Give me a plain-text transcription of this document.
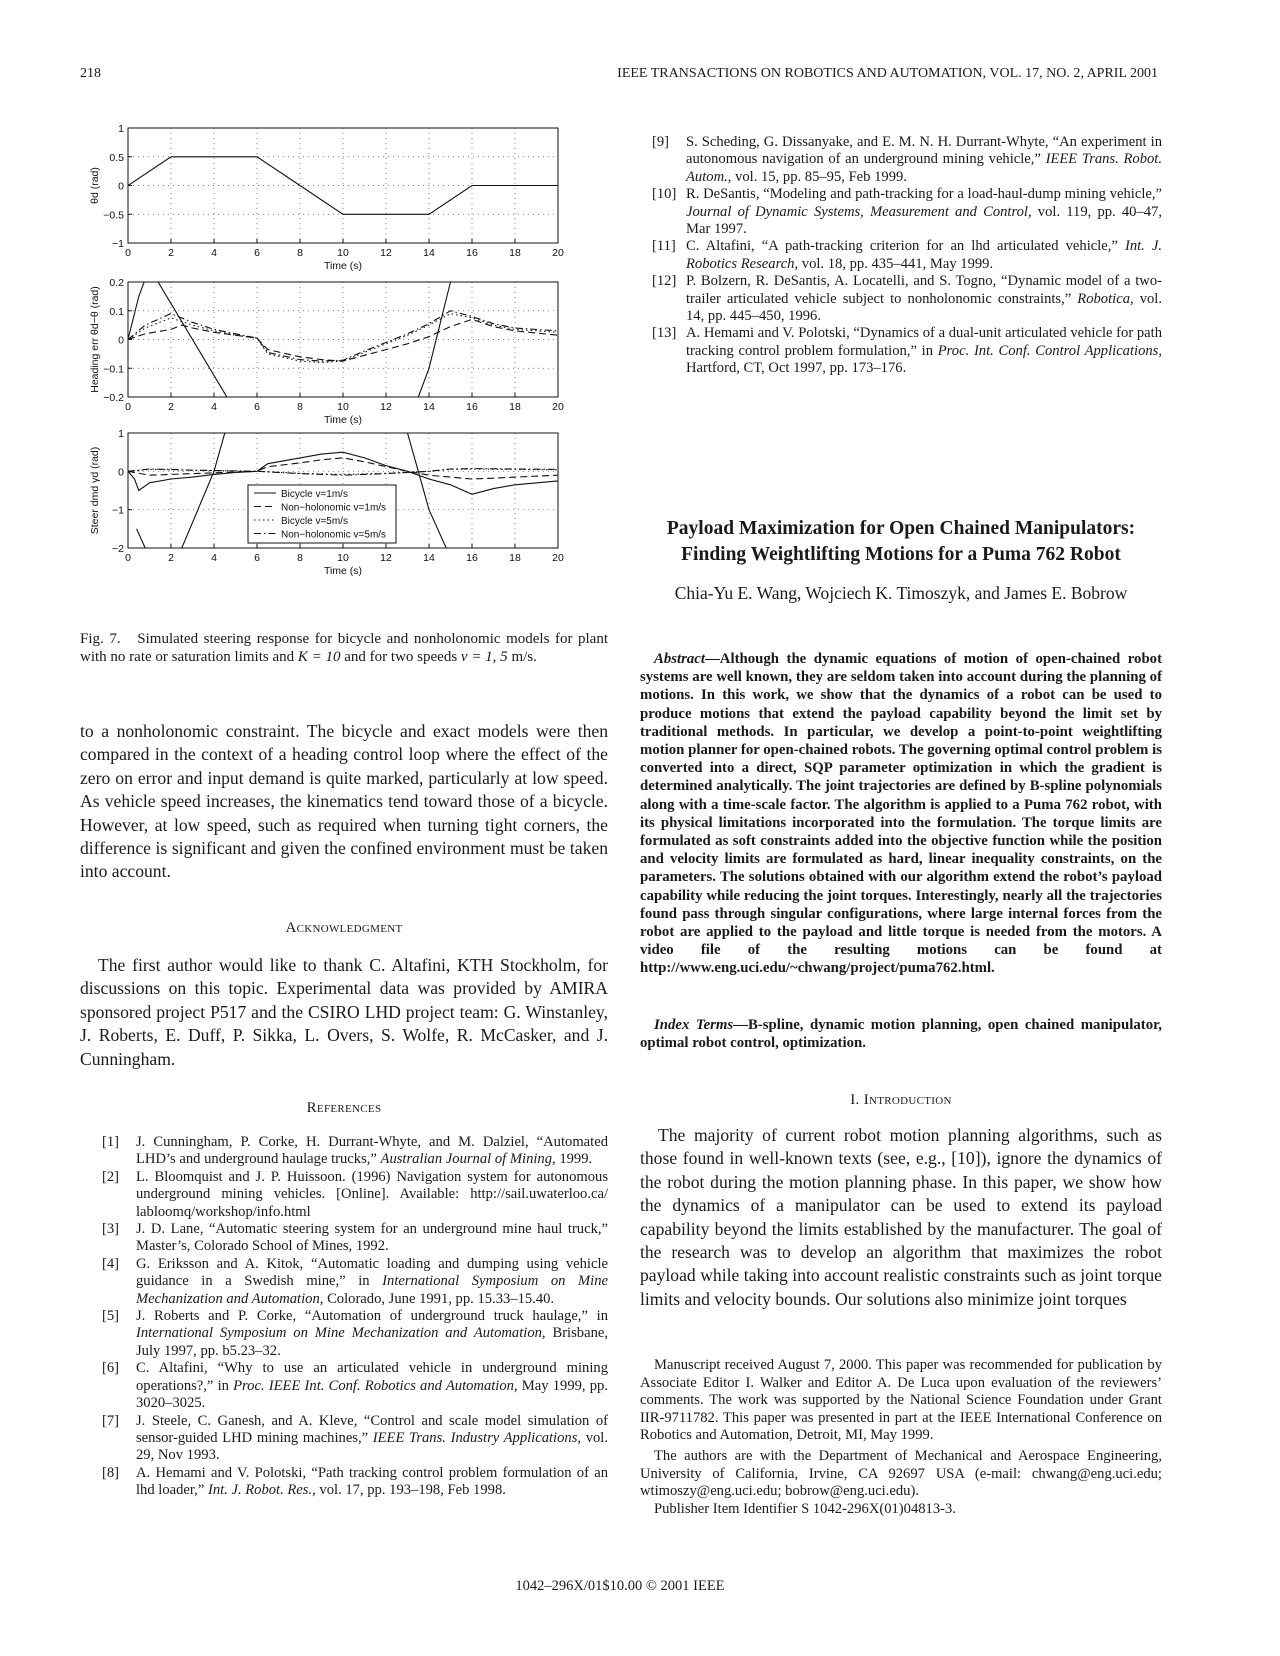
218	IEEE TRANSACTIONS ON ROBOTICS AND AUTOMATION, VOL. 17, NO. 2, APRIL 2001
0	2	4	6	8	10	12	14	16	18	20
1
0.5
0
−0.5
−1
Time (s)
θd (rad)
0	2	4	6	8	10	12	14	16	18	20
0.2
0.1
0
−0.1
−0.2
Time (s)
Heading err θd−θ (rad)
0	2	4	6	8	10	12	14	16	18	20
1
0
−1
−2
Time (s)
Steer dmd γd (rad)	Bicycle v=1m/s
Non−holonomic v=1m/s
Bicycle v=5m/s
Non−holonomic v=5m/s
Fig. 7. Simulated steering response for bicycle and nonholonomic models for plant with no rate or saturation limits and K = 10 and for two speeds v = 1, 5 m/s.
to a nonholonomic constraint. The bicycle and exact models were then compared in the context of a heading control loop where the effect of the zero on error and input demand is quite marked, particularly at low speed. As vehicle speed increases, the kinematics tend toward those of a bicycle. However, at low speed, such as required when turning tight corners, the difference is significant and given the confined environment must be taken into account.
Acknowledgment
The first author would like to thank C. Altafini, KTH Stockholm, for discussions on this topic. Experimental data was provided by AMIRA sponsored project P517 and the CSIRO LHD project team: G. Winstanley, J. Roberts, E. Duff, P. Sikka, L. Overs, S. Wolfe, R. McCasker, and J. Cunningham.
References
[1] J. Cunningham, P. Corke, H. Durrant-Whyte, and M. Dalziel, “Automated LHD’s and underground haulage trucks,” Australian Journal of Mining, 1999.
[2] L. Bloomquist and J. P. Huissoon. (1996) Navigation system for autonomous underground mining vehicles. [Online]. Available: http://sail.uwaterloo.ca/ labloomq/workshop/info.html
[3] J. D. Lane, “Automatic steering system for an underground mine haul truck,” Master’s, Colorado School of Mines, 1992.
[4] G. Eriksson and A. Kitok, “Automatic loading and dumping using vehicle guidance in a Swedish mine,” in International Symposium on Mine Mechanization and Automation, Colorado, June 1991, pp. 15.33–15.40.
[5] J. Roberts and P. Corke, “Automation of underground truck haulage,” in International Symposium on Mine Mechanization and Automation, Brisbane, July 1997, pp. b5.23–32.
[6] C. Altafini, “Why to use an articulated vehicle in underground mining operations?,” in Proc. IEEE Int. Conf. Robotics and Automation, May 1999, pp. 3020–3025.
[7] J. Steele, C. Ganesh, and A. Kleve, “Control and scale model simulation of sensor-guided LHD mining machines,” IEEE Trans. Industry Applications, vol. 29, Nov 1993.
[8] A. Hemami and V. Polotski, “Path tracking control problem formulation of an lhd loader,” Int. J. Robot. Res., vol. 17, pp. 193–198, Feb 1998.
[9] S. Scheding, G. Dissanyake, and E. M. N. H. Durrant-Whyte, “An experiment in autonomous navigation of an underground mining vehicle,” IEEE Trans. Robot. Autom., vol. 15, pp. 85–95, Feb 1999.
[10] R. DeSantis, “Modeling and path-tracking for a load-haul-dump mining vehicle,” Journal of Dynamic Systems, Measurement and Control, vol. 119, pp. 40–47, Mar 1997.
[11] C. Altafini, “A path-tracking criterion for an lhd articulated vehicle,” Int. J. Robotics Research, vol. 18, pp. 435–441, May 1999.
[12] P. Bolzern, R. DeSantis, A. Locatelli, and S. Togno, “Dynamic model of a two-trailer articulated vehicle subject to nonholonomic constraints,” Robotica, vol. 14, pp. 445–450, 1996.
[13] A. Hemami and V. Polotski, “Dynamics of a dual-unit articulated vehicle for path tracking control problem formulation,” in Proc. Int. Conf. Control Applications, Hartford, CT, Oct 1997, pp. 173–176.
Payload Maximization for Open Chained Manipulators:
Finding Weightlifting Motions for a Puma 762 Robot
Chia-Yu E. Wang, Wojciech K. Timoszyk, and James E. Bobrow
Abstract—Although the dynamic equations of motion of open-chained robot systems are well known, they are seldom taken into account during the planning of motions. In this work, we show that the dynamics of a robot can be used to produce motions that extend the payload capability beyond the limit set by traditional methods. In particular, we develop a point-to-point weightlifting motion planner for open-chained robots. The governing optimal control problem is converted into a direct, SQP parameter optimization in which the gradient is determined analytically. The joint trajectories are defined by B-spline polynomials along with a time-scale factor. The algorithm is applied to a Puma 762 robot, with its physical limitations incorporated into the formulation. The torque limits are formulated as soft constraints added into the objective function while the position and velocity limits are formulated as hard, linear inequality constraints, on the parameters. The solutions obtained with our algorithm extend the robot’s payload capability while reducing the joint torques. Interestingly, nearly all the trajectories found pass through singular configurations, where large internal forces from the robot are applied to the payload and little torque is needed from the motors. A video file of the resulting motions can be found at http://www.eng.uci.edu/~chwang/project/puma762.html.
Index Terms—B-spline, dynamic motion planning, open chained manipulator, optimal robot control, optimization.
I. Introduction
The majority of current robot motion planning algorithms, such as those found in well-known texts (see, e.g., [10]), ignore the dynamics of the robot during the motion planning phase. In this paper, we show how the dynamics of a manipulator can be used to extend its payload capability beyond the limits established by the manufacturer. The goal of the research was to develop an algorithm that maximizes the robot payload while taking into account realistic constraints such as joint torque limits and velocity bounds. Our solutions also minimize joint torques
Manuscript received August 7, 2000. This paper was recommended for publication by Associate Editor I. Walker and Editor A. De Luca upon evaluation of the reviewers’ comments. The work was supported by the National Science Foundation under Grant IIR-9711782. This paper was presented in part at the IEEE International Conference on Robotics and Automation, Detroit, MI, May 1999.
The authors are with the Department of Mechanical and Aerospace Engineering, University of California, Irvine, CA 92697 USA (e-mail: chwang@eng.uci.edu; wtimoszy@eng.uci.edu; bobrow@eng.uci.edu).
Publisher Item Identifier S 1042-296X(01)04813-3.
1042–296X/01$10.00 © 2001 IEEE
